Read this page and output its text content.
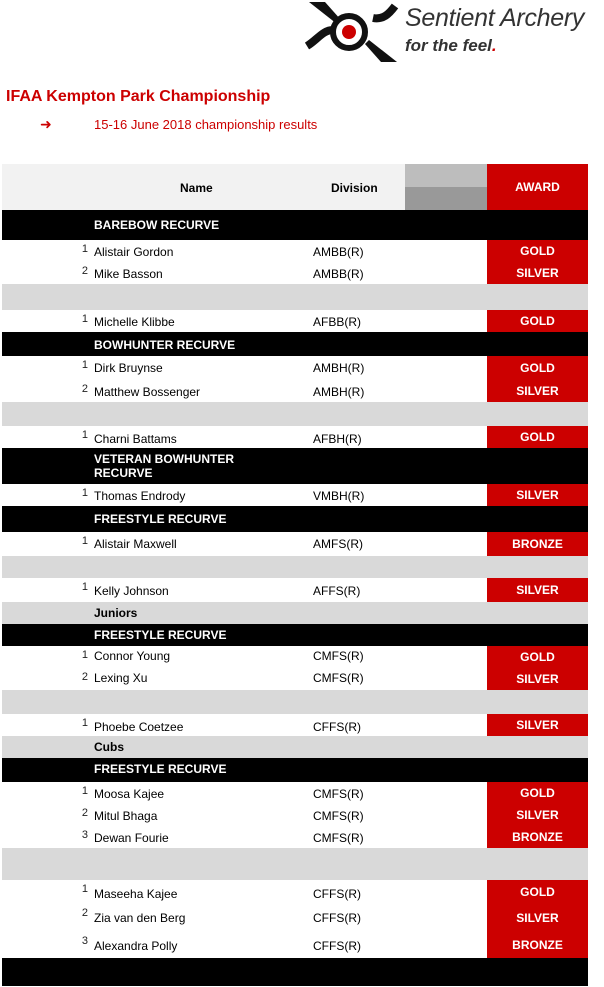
Sentient Archery
for the feel.
IFAA Kempton Park Championship
➜	15-16 June 2018 championship results
Name	Division	AWARD
BAREBOW RECURVE
1 Alistair Gordon	AMBB(R)	GOLD
2 Mike Basson	AMBB(R)	SILVER
1 Michelle Klibbe	AFBB(R)	GOLD
BOWHUNTER RECURVE
1 Dirk Bruynse	AMBH(R)	GOLD
2 Matthew Bossenger	AMBH(R)	SILVER
1 Charni Battams	AFBH(R)	GOLD
VETERAN BOWHUNTER RECURVE
1 Thomas Endrody	VMBH(R)	SILVER
FREESTYLE RECURVE
1 Alistair Maxwell	AMFS(R)	BRONZE
1 Kelly Johnson	AFFS(R)	SILVER
Juniors
FREESTYLE RECURVE
1 Connor Young	CMFS(R)	GOLD
2 Lexing Xu	CMFS(R)	SILVER
1 Phoebe Coetzee	CFFS(R)	SILVER
Cubs
FREESTYLE RECURVE
1 Moosa Kajee	CMFS(R)	GOLD
2 Mitul Bhaga	CMFS(R)	SILVER
3 Dewan Fourie	CMFS(R)	BRONZE
1 Maseeha Kajee	CFFS(R)	GOLD
2 Zia van den Berg	CFFS(R)	SILVER
3 Alexandra Polly	CFFS(R)	BRONZE
